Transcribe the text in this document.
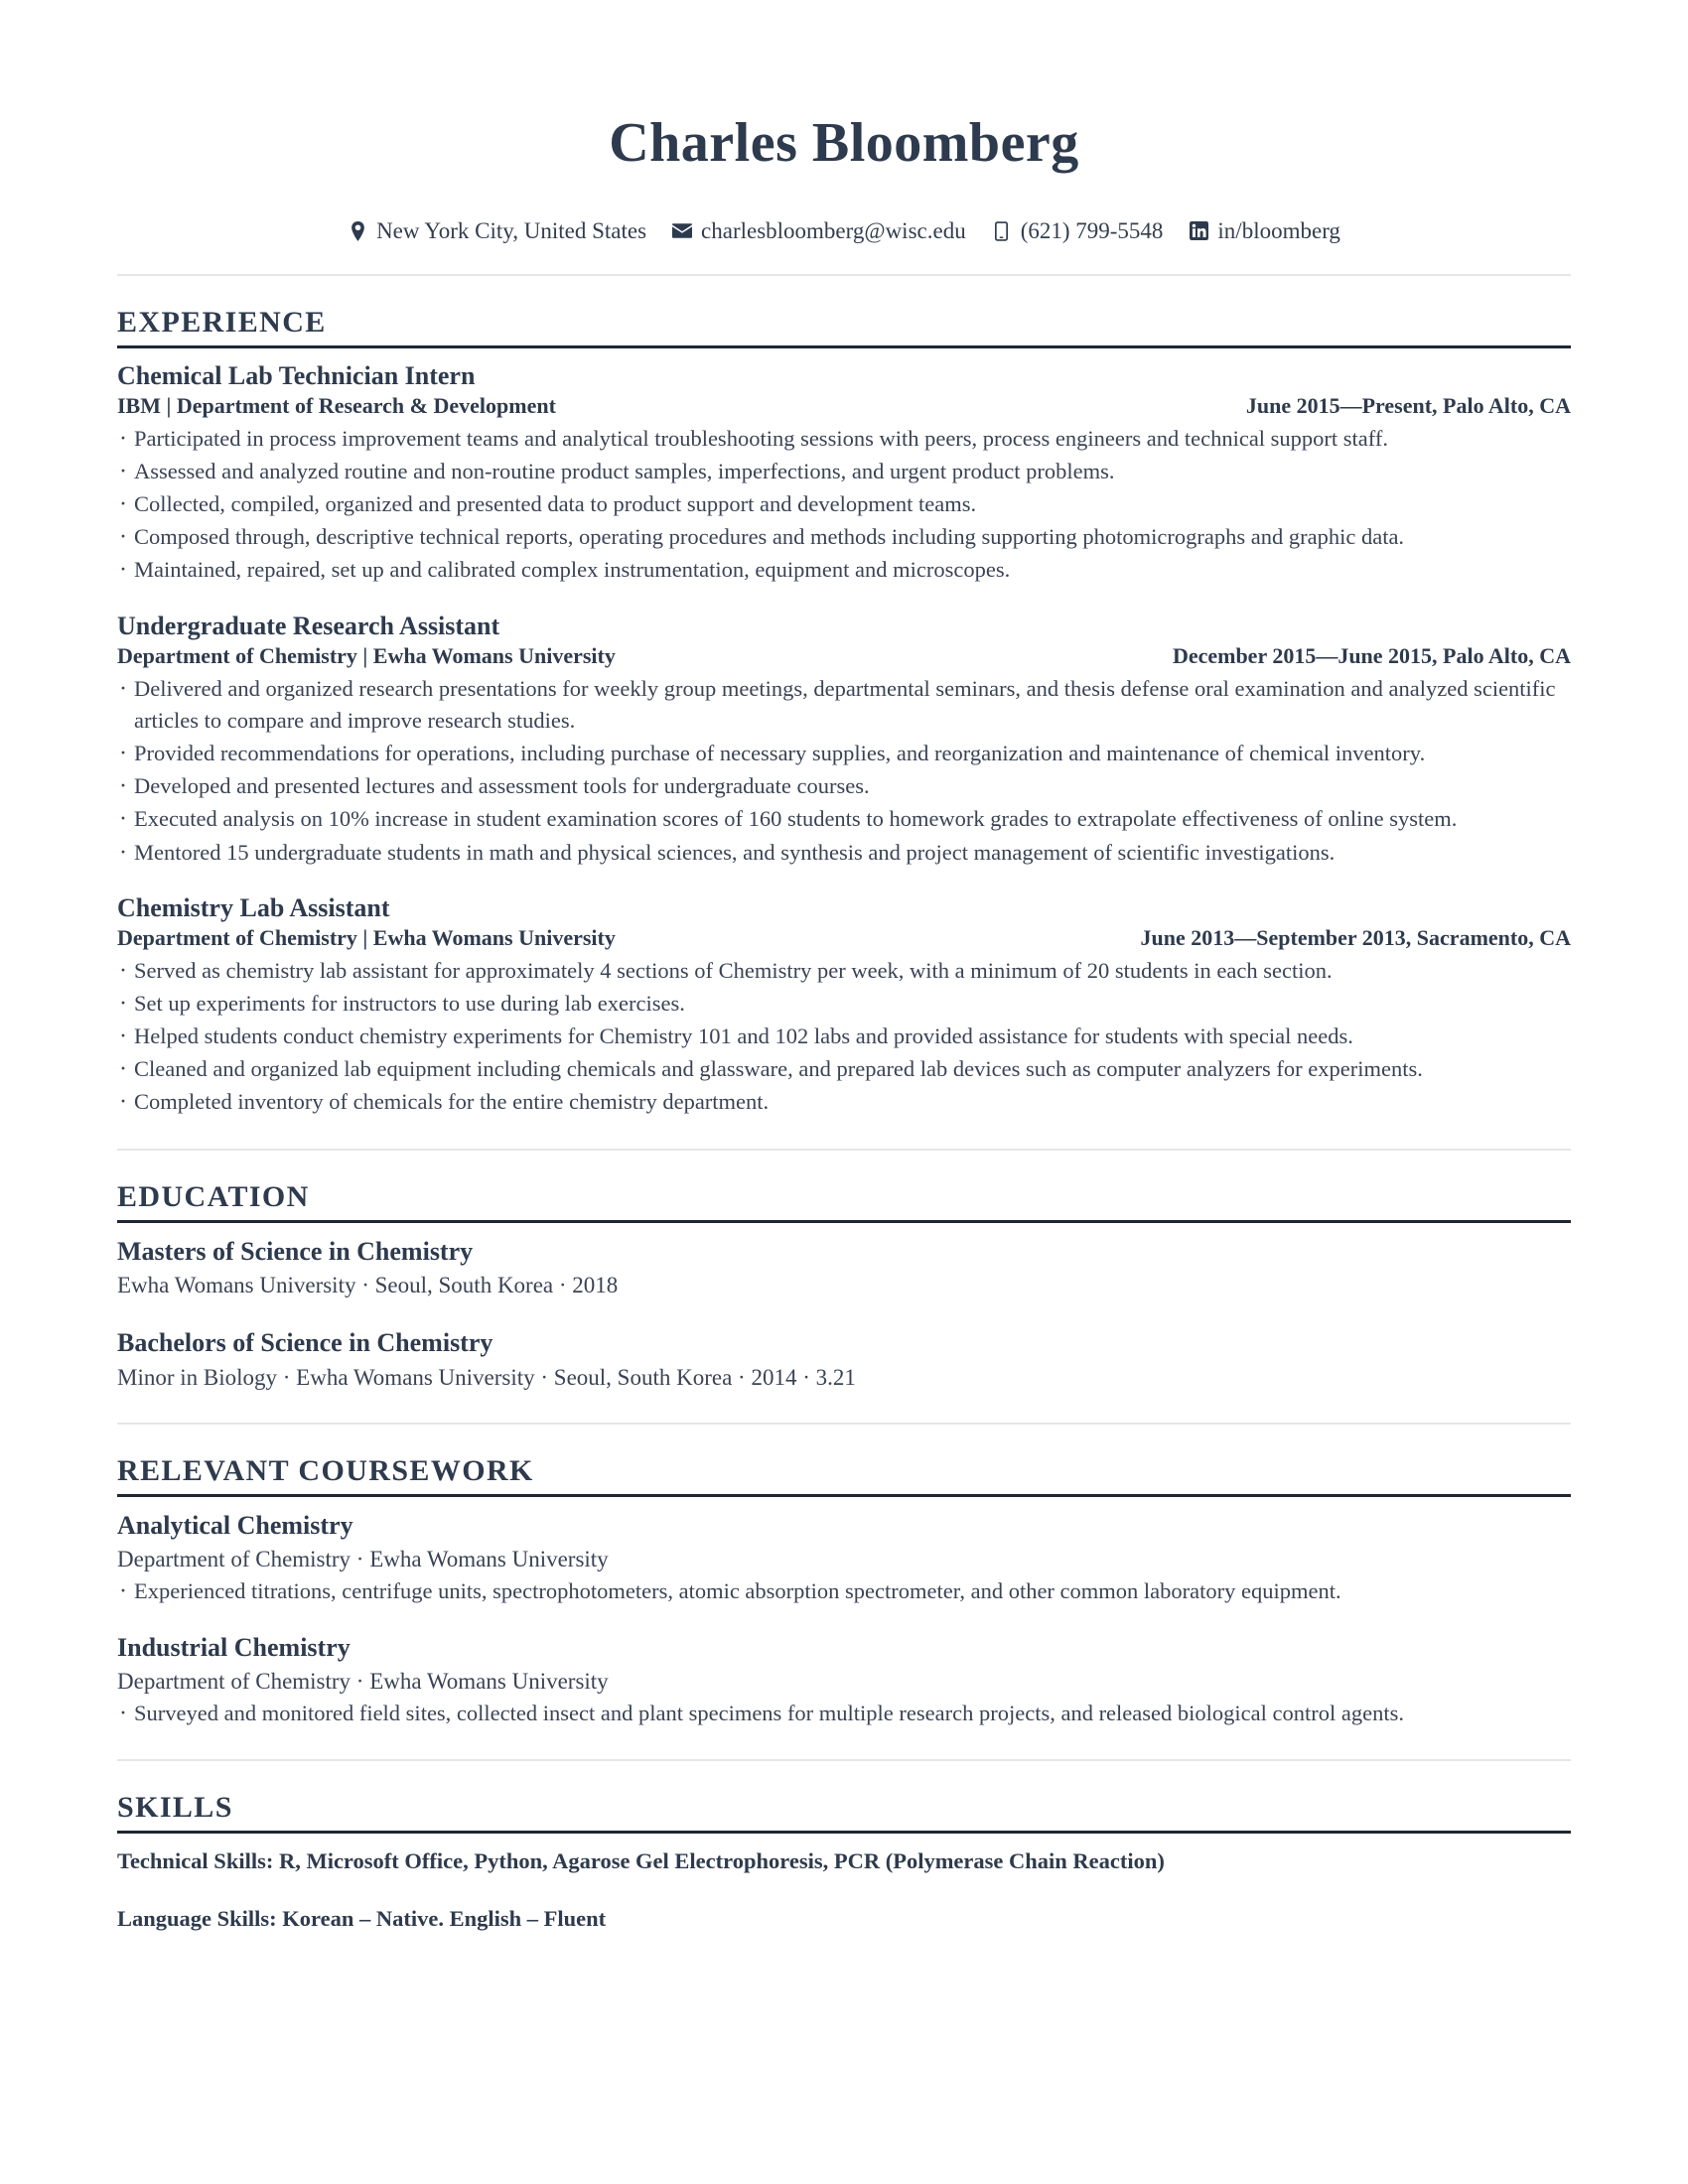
Charles Bloomberg
New York City, United States charlesbloomberg@wisc.edu (621) 799-5548 in/bloomberg
EXPERIENCE
Chemical Lab Technician Intern
IBM | Department of Research & Development	June 2015—Present, Palo Alto, CA
· Participated in process improvement teams and analytical troubleshooting sessions with peers, process engineers and technical support staff.
· Assessed and analyzed routine and non-routine product samples, imperfections, and urgent product problems.
· Collected, compiled, organized and presented data to product support and development teams.
· Composed through, descriptive technical reports, operating procedures and methods including supporting photomicrographs and graphic data.
· Maintained, repaired, set up and calibrated complex instrumentation, equipment and microscopes.
Undergraduate Research Assistant
Department of Chemistry | Ewha Womans University	December 2015—June 2015, Palo Alto, CA
· Delivered and organized research presentations for weekly group meetings, departmental seminars, and thesis defense oral examination and analyzed scientific articles to compare and improve research studies.
· Provided recommendations for operations, including purchase of necessary supplies, and reorganization and maintenance of chemical inventory.
· Developed and presented lectures and assessment tools for undergraduate courses.
· Executed analysis on 10% increase in student examination scores of 160 students to homework grades to extrapolate effectiveness of online system.
· Mentored 15 undergraduate students in math and physical sciences, and synthesis and project management of scientific investigations.
Chemistry Lab Assistant
Department of Chemistry | Ewha Womans University	June 2013—September 2013, Sacramento, CA
· Served as chemistry lab assistant for approximately 4 sections of Chemistry per week, with a minimum of 20 students in each section.
· Set up experiments for instructors to use during lab exercises.
· Helped students conduct chemistry experiments for Chemistry 101 and 102 labs and provided assistance for students with special needs.
· Cleaned and organized lab equipment including chemicals and glassware, and prepared lab devices such as computer analyzers for experiments.
· Completed inventory of chemicals for the entire chemistry department.
EDUCATION
Masters of Science in Chemistry
Ewha Womans University · Seoul, South Korea · 2018
Bachelors of Science in Chemistry
Minor in Biology · Ewha Womans University · Seoul, South Korea · 2014 · 3.21
RELEVANT COURSEWORK
Analytical Chemistry
Department of Chemistry · Ewha Womans University
· Experienced titrations, centrifuge units, spectrophotometers, atomic absorption spectrometer, and other common laboratory equipment.
Industrial Chemistry
Department of Chemistry · Ewha Womans University
· Surveyed and monitored field sites, collected insect and plant specimens for multiple research projects, and released biological control agents.
SKILLS

Technical Skills: R, Microsoft Office, Python, Agarose Gel Electrophoresis, PCR (Polymerase Chain Reaction)

Language Skills: Korean – Native. English – Fluent
